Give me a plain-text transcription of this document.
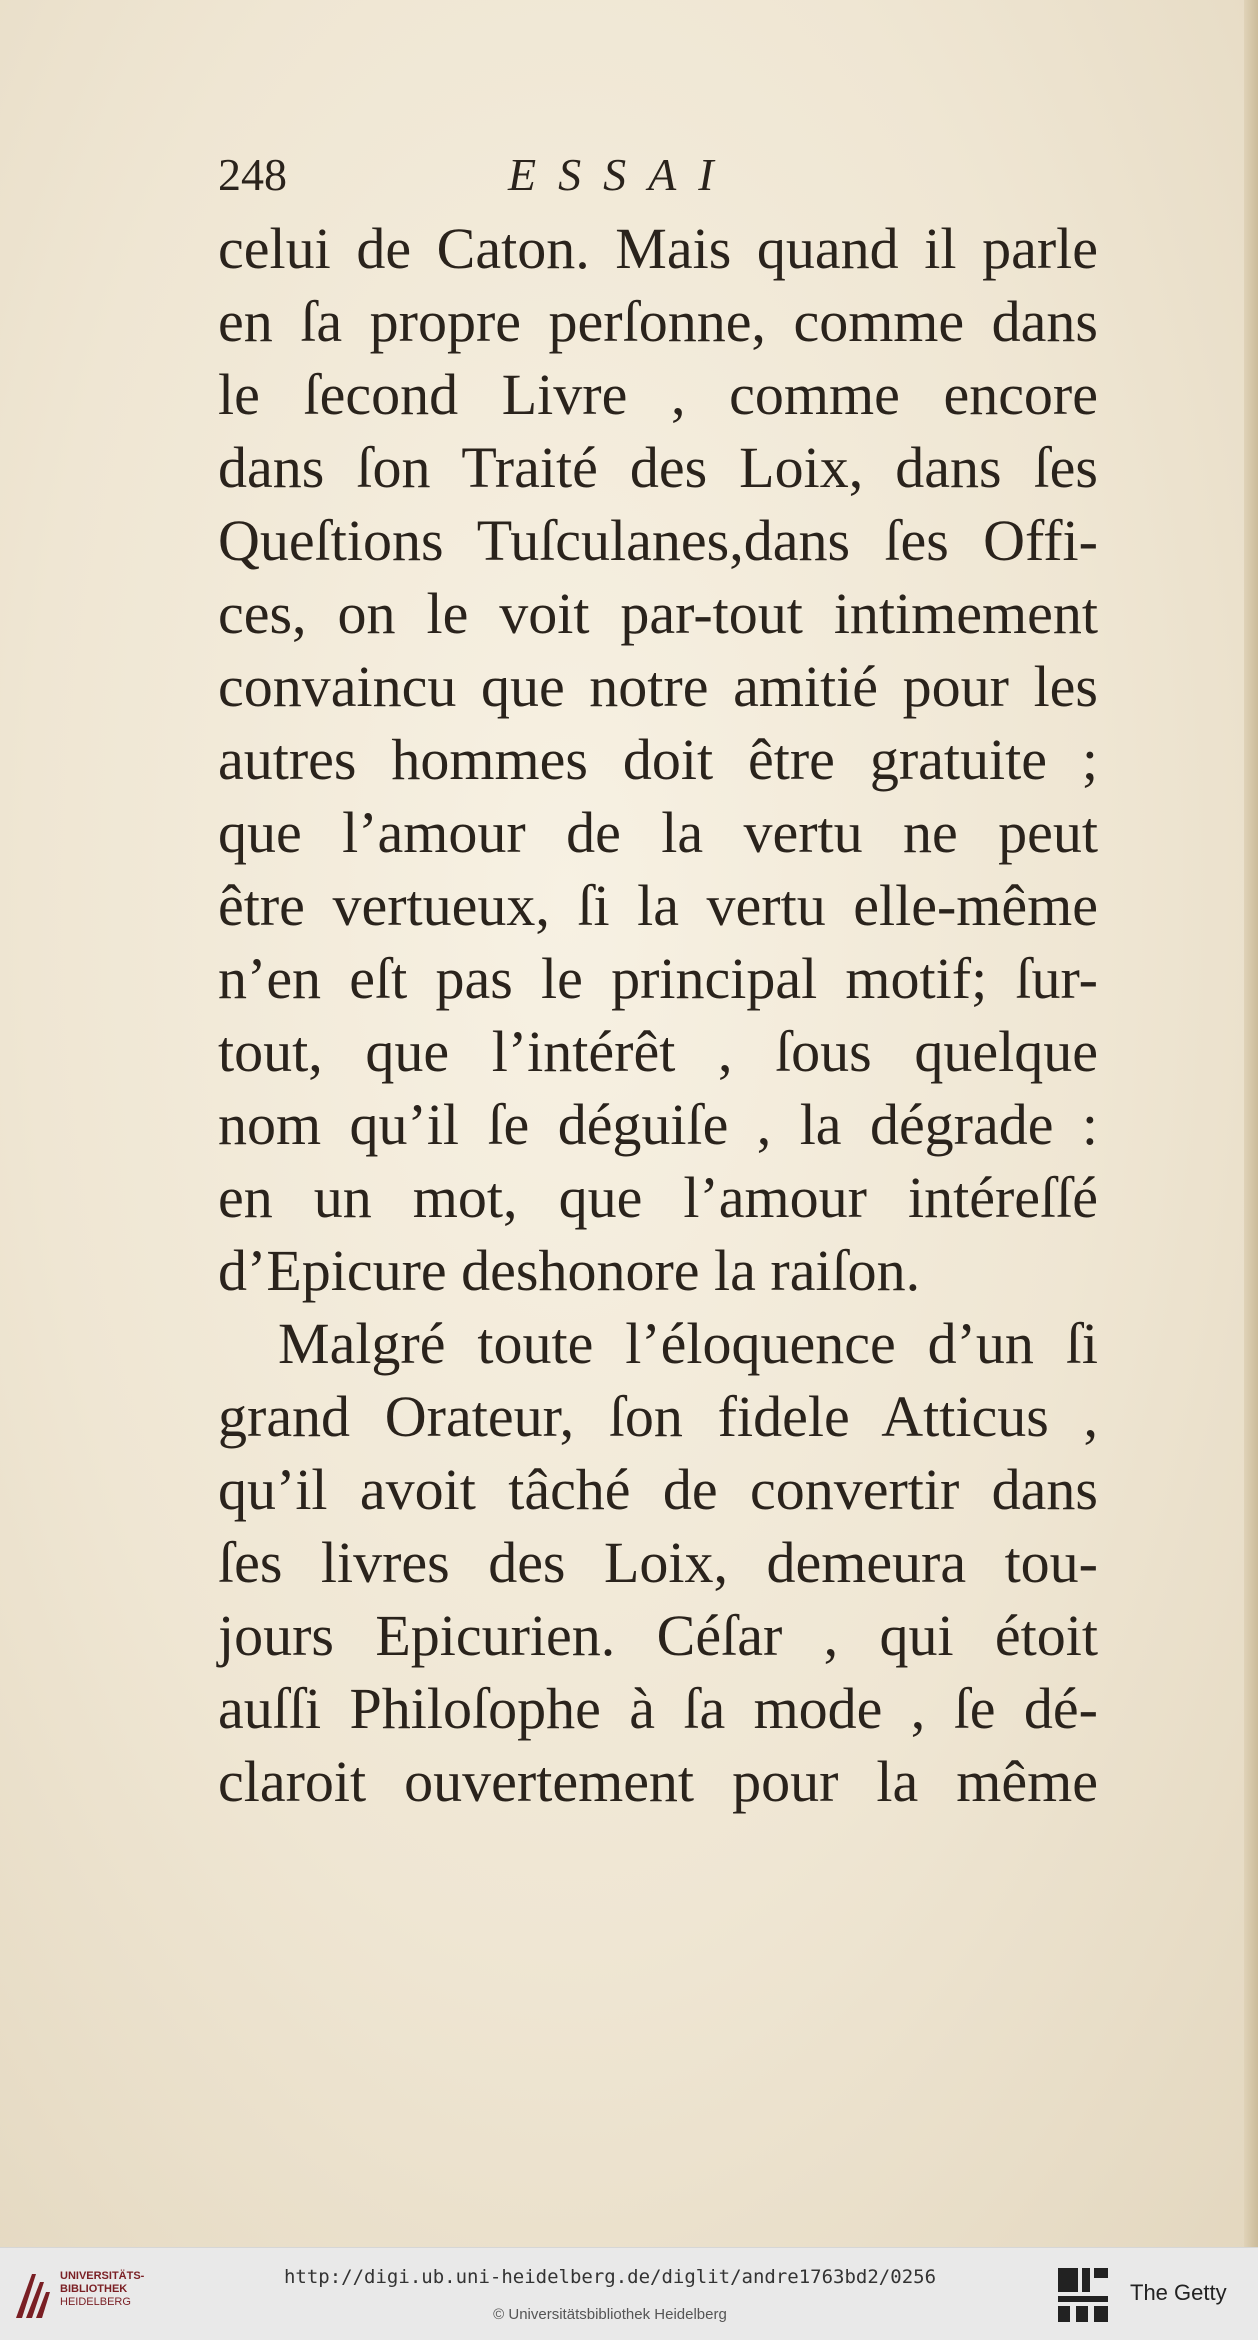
248	ESSAI
celui de Caton. Mais quand il parle
en ſa propre perſonne, comme dans
le ſecond Livre , comme encore
dans ſon Traité des Loix, dans ſes
Queſtions Tuſculanes,dans ſes Offi-
ces, on le voit par-tout intimement
convaincu que notre amitié pour les
autres hommes doit être gratuite ;
que l’amour de la vertu ne peut
être vertueux, ſi la vertu elle-même
n’en eſt pas le principal motif; ſur-
tout, que l’intérêt , ſous quelque
nom qu’il ſe déguiſe , la dégrade :
en un mot, que l’amour intéreſſé
d’Epicure deshonore la raiſon.
Malgré toute l’éloquence d’un ſi
grand Orateur, ſon fidele Atticus ,
qu’il avoit tâché de convertir dans
ſes livres des Loix, demeura tou-
jours Epicurien. Céſar , qui étoit
auſſi Philoſophe à ſa mode , ſe dé-
claroit ouvertement pour la même
UNIVERSITÄTS-
BIBLIOTHEK
HEIDELBERG
http://digi.ub.uni-heidelberg.de/diglit/andre1763bd2/0256
© Universitätsbibliothek Heidelberg
The Getty
